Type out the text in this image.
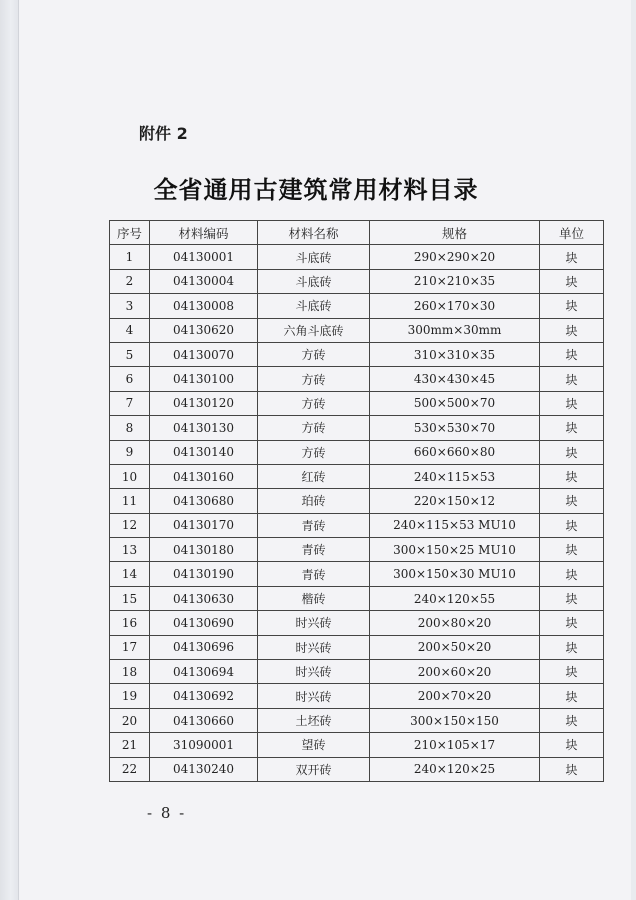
附件 2
全省通用古建筑常用材料目录
- 8 -
序号	材料编码	材料名称	规格	单位
1	04130001	斗底砖	290×290×20	块
2	04130004	斗底砖	210×210×35	块
3	04130008	斗底砖	260×170×30	块
4	04130620	六角斗底砖	300mm×30mm	块
5	04130070	方砖	310×310×35	块
6	04130100	方砖	430×430×45	块
7	04130120	方砖	500×500×70	块
8	04130130	方砖	530×530×70	块
9	04130140	方砖	660×660×80	块
10	04130160	红砖	240×115×53	块
11	04130680	珀砖	220×150×12	块
12	04130170	青砖	240×115×53 MU10	块
13	04130180	青砖	300×150×25 MU10	块
14	04130190	青砖	300×150×30 MU10	块
15	04130630	楷砖	240×120×55	块
16	04130690	时兴砖	200×80×20	块
17	04130696	时兴砖	200×50×20	块
18	04130694	时兴砖	200×60×20	块
19	04130692	时兴砖	200×70×20	块
20	04130660	土坯砖	300×150×150	块
21	31090001	望砖	210×105×17	块
22	04130240	双开砖	240×120×25	块
